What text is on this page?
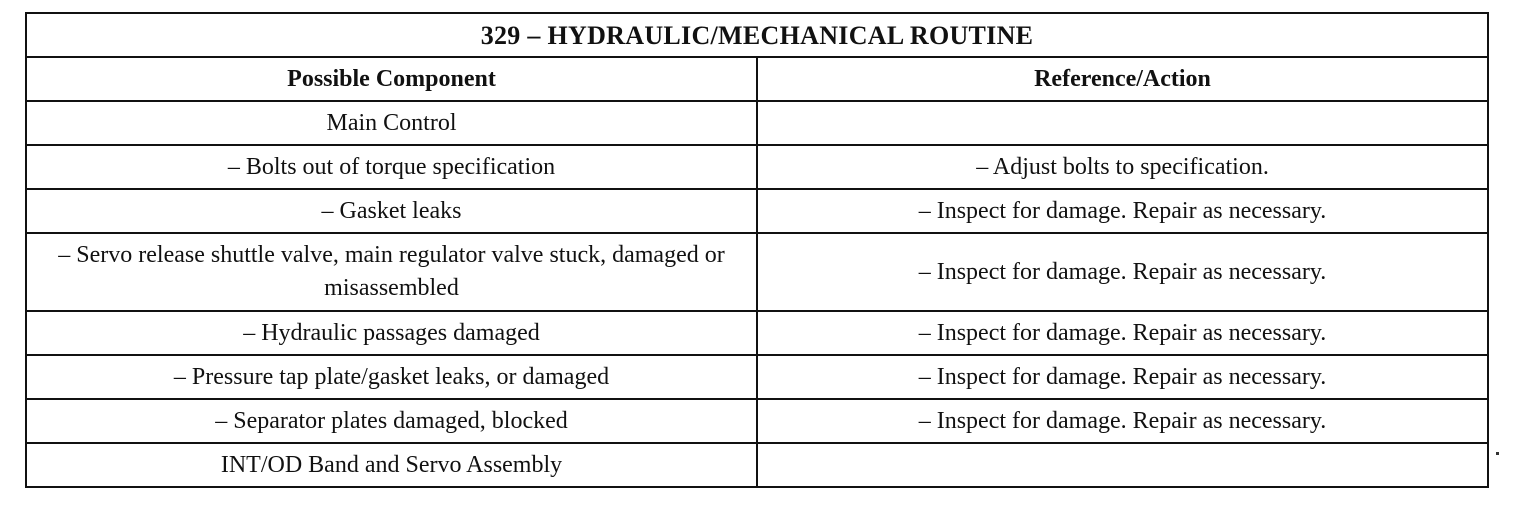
329 – HYDRAULIC/MECHANICAL ROUTINE	
Possible Component	Reference/Action
Main Control	
– Bolts out of torque specification	– Adjust bolts to specification.
– Gasket leaks	– Inspect for damage. Repair as necessary.
– Servo release shuttle valve, main regulator valve stuck, damaged or misassembled	– Inspect for damage. Repair as necessary.
– Hydraulic passages damaged	– Inspect for damage. Repair as necessary.
– Pressure tap plate/gasket leaks, or damaged	– Inspect for damage. Repair as necessary.
– Separator plates damaged, blocked	– Inspect for damage. Repair as necessary.
INT/OD Band and Servo Assembly	
